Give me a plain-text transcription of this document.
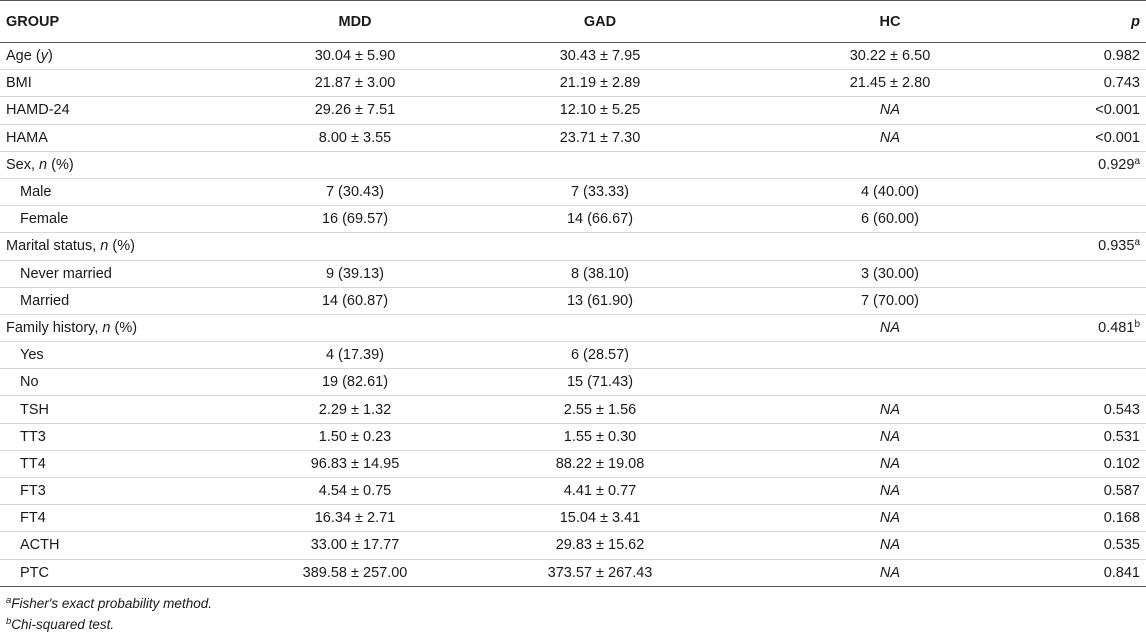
GROUP	MDD	GAD	HC	p
Age (y)	30.04 ± 5.90	30.43 ± 7.95	30.22 ± 6.50	0.982
BMI	21.87 ± 3.00	21.19 ± 2.89	21.45 ± 2.80	0.743
HAMD-24	29.26 ± 7.51	12.10 ± 5.25	NA	<0.001
HAMA	8.00 ± 3.55	23.71 ± 7.30	NA	<0.001
Sex, n (%)				0.929$^a$
Male	7 (30.43)	7 (33.33)	4 (40.00)	
Female	16 (69.57)	14 (66.67)	6 (60.00)	
Marital status, n (%)				0.935$^a$
Never married	9 (39.13)	8 (38.10)	3 (30.00)	
Married	14 (60.87)	13 (61.90)	7 (70.00)	
Family history, n (%)			NA	0.481$^b$
Yes	4 (17.39)	6 (28.57)		
No	19 (82.61)	15 (71.43)		
TSH	2.29 ± 1.32	2.55 ± 1.56	NA	0.543
TT3	1.50 ± 0.23	1.55 ± 0.30	NA	0.531
TT4	96.83 ± 14.95	88.22 ± 19.08	NA	0.102
FT3	4.54 ± 0.75	4.41 ± 0.77	NA	0.587
FT4	16.34 ± 2.71	15.04 ± 3.41	NA	0.168
ACTH	33.00 ± 17.77	29.83 ± 15.62	NA	0.535
PTC	389.58 ± 257.00	373.57 ± 267.43	NA	0.841
$^a$Fisher's exact probability method.
$^b$Chi-squared test.
